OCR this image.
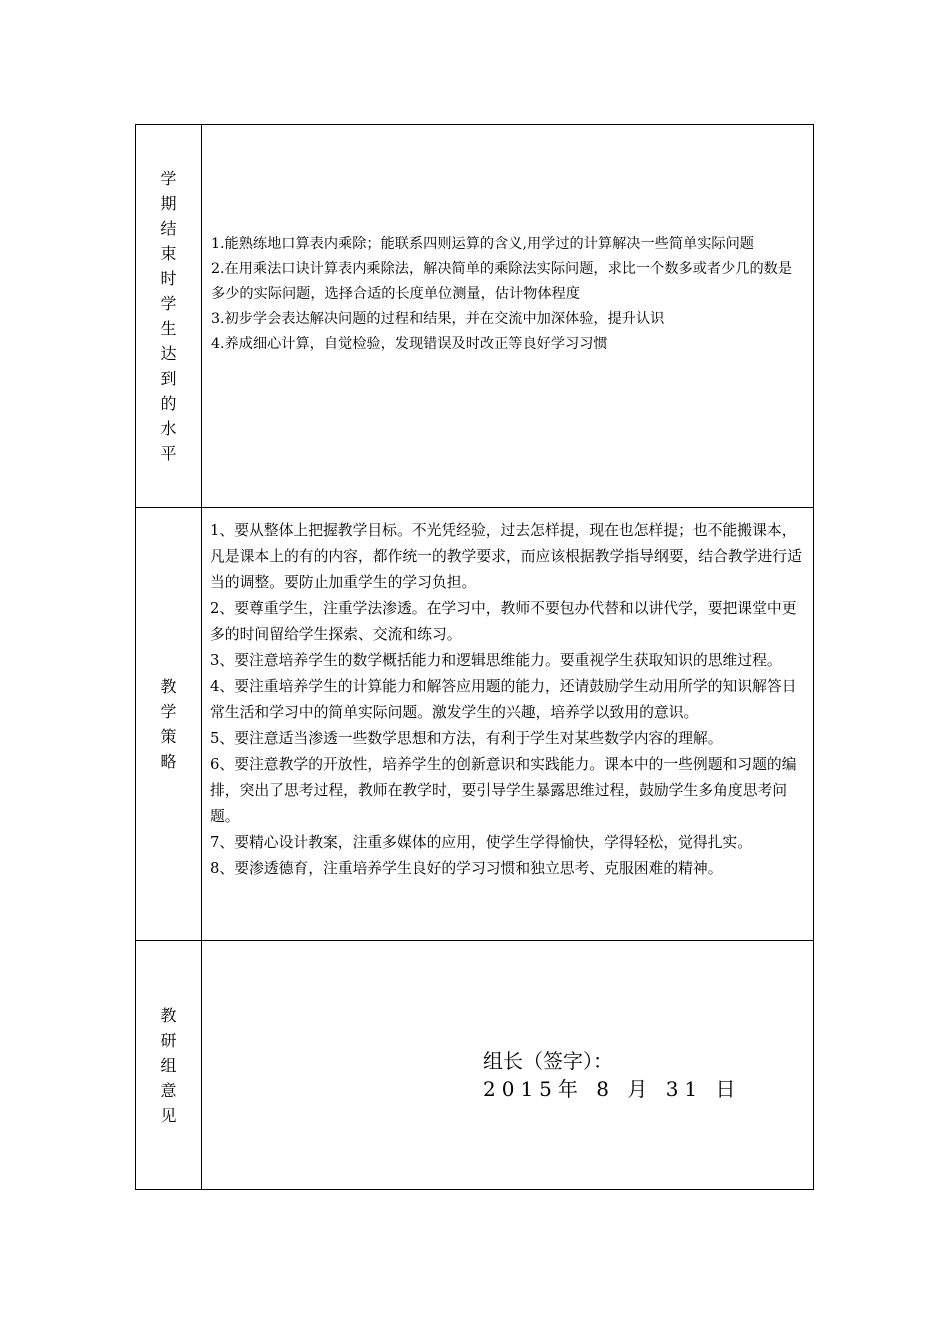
学期结束时学生达到的水平

1.能熟练地口算表内乘除；能联系四则运算的含义,用学过的计算解决一些简单实际问题

2.在用乘法口诀计算表内乘除法，解决简单的乘除法实际问题，求比一个数多或者少几的数是多少的实际问题，选择合适的长度单位测量，估计物体程度

3.初步学会表达解决问题的过程和结果，并在交流中加深体验，提升认识

4.养成细心计算，自觉检验，发现错误及时改正等良好学习习惯

教学策略

1、要从整体上把握教学目标。不光凭经验，过去怎样提，现在也怎样提；也不能搬课本，凡是课本上的有的内容，都作统一的教学要求，而应该根据教学指导纲要，结合教学进行适当的调整。要防止加重学生的学习负担。

2、要尊重学生，注重学法渗透。在学习中，教师不要包办代替和以讲代学，要把课堂中更多的时间留给学生探索、交流和练习。

3、要注意培养学生的数学概括能力和逻辑思维能力。要重视学生获取知识的思维过程。

4、要注重培养学生的计算能力和解答应用题的能力，还请鼓励学生动用所学的知识解答日常生活和学习中的简单实际问题。激发学生的兴趣，培养学以致用的意识。

5、要注意适当渗透一些数学思想和方法，有利于学生对某些数学内容的理解。

6、要注意教学的开放性，培养学生的创新意识和实践能力。课本中的一些例题和习题的编排，突出了思考过程，教师在教学时，要引导学生暴露思维过程，鼓励学生多角度思考问题。

7、要精心设计教案，注重多媒体的应用，使学生学得愉快，学得轻松，觉得扎实。

8、要渗透德育，注重培养学生良好的学习习惯和独立思考、克服困难的精神。

教研组意见
组长（签字）：
2015年 8 月 31 日
